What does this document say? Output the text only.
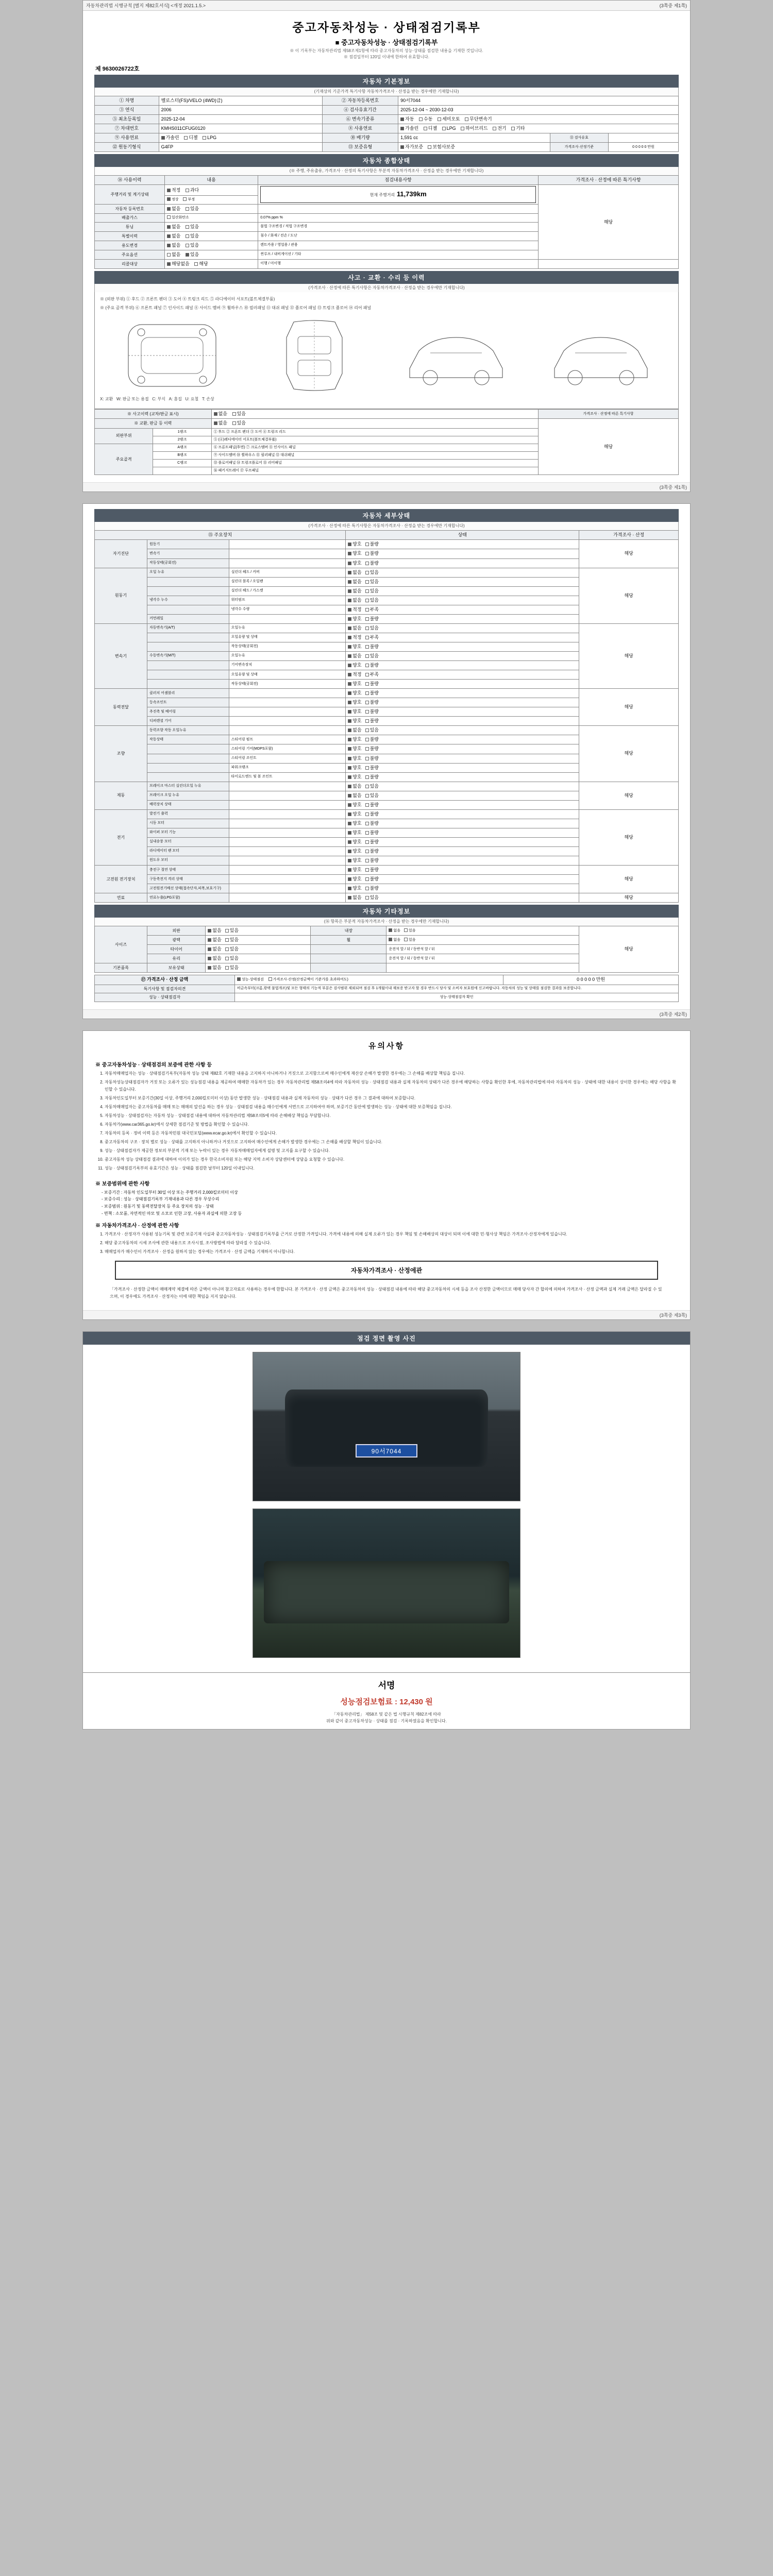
자동차관리법 시행규칙 [별지 제82호서식] <개정 2021.1.5.>	(3쪽중 제1쪽)
중고자동차성능 · 상태점검기록부
■ 중고자동차성능 · 상태점검기록부
※ 이 기록부는 자동차관리법 제58조제1항에 따라 중고자동차의 성능·상태를 점검한 내용을 기재한 것입니다.
※ 점검일부터 120일 이내에 한하여 유효합니다.
제 9630026722호
자동차 기본정보
(기재상의 기준가격 특기사항 자동차가격조사 · 산정을 받는 경우에만 기재합니다)
① 차명	벨로스터(FS)/VELO (4WD)급)	② 자동차등록번호	90서7044		
③ 연식	2006	④ 검사유효기간	2025-12-04 ~ 2030-12-03		
⑤ 최초등록일	2025-12-04	⑥ 변속기종류	자동 수동 세미오토 무단변속기		
⑦ 차대번호	KMHS011CFUG0120	⑧ 사용연료	가솔린 디젤 LPG 하이브리드 전기 기타		
⑨ 사용연료	가솔린 디젤 LPG	⑩ 배기량	1,591 cc	⑪ 검사유효	
⑫ 원동기형식	G4FP	⑬ 보증유형	자가보증 보험사보증	가격조사·산정기준	0 0 0 0 0 만원
자동차 종합상태
(※ 주행, 주유출유, 가격조사 · 산정의 특기사항은 부분적 자동차가격조사 · 산정을 받는 경우에만 기재합니다)
⑭ 사용이력	내용	점검내용사항	가격조사 · 산정에 따른 특기사항
주행거리 및 계기상태	적정 과다	현재 주행거리 11,739km	해당
	정상 부정		
자동차 등록번호	없음 있음		
배출가스	일산화탄소	0.07% ppm %	
튜닝	없음 있음	불법 구조변경 / 적법 구조변경	
특별이력	없음 있음	침수 / 화재 / 전손 / 도난	
용도변경	없음 있음	렌트카용 / 영업용 / 관용	
주요옵션	없음 있음	썬루프 / 내비게이션 / 기타	
리콜대상	해당없음 해당	이행 / 미이행	
사고 · 교환 · 수리 등 이력
(가격조사 · 산정에 따른 특기사항은 자동차가격조사 · 산정을 받는 경우에만 기재합니다)
※ (외판 부위) ① 후드 ② 프론트 펜더 ③ 도어 ④ 트렁크 리드 ⑤ 라디에이터 서포트(볼트체결부품)
※ (주요 골격 부위) ⑥ 프론트 패널 ⑦ 인사이드 패널 ⑧ 사이드 멤버 ⑨ 휠하우스 ⑩ 필러패널 ⑪ 대쉬 패널 ⑫ 플로어 패널 ⑬ 트렁크 플로어 ⑭ 리어 패널
X: 교환   W: 판금 또는 용접   C: 부식   A: 흠집   U: 요철   T: 손상
※ 사고이력 (교차/판금 표시)		없음 있음	가격조사 · 산정에 따른 특기사항
※ 교환, 판금 등 이력		없음 있음	해당
외판부위	1랭크	① 후드 ② 프론트 펜더 ③ 도어 ④ 트렁크 리드	
	2랭크	⑤ (④)레디에이터 서포트(볼트체결부품)	
주요골격	A랭크	⑥ 프론트패널(후면) ⑦ 크로스멤버 ⑧ 인사이드 패널	
	B랭크	⑨ 사이드멤버 ⑩ 휠하우스 ⑪ 필러패널 ⑫ 대쉬패널	
	C랭크	⑬ 플로어패널 ⑭ 트렁크플로어 ⑮ 리어패널	
		⑯ 패키지트레이 ⑰ 루프패널	
(3쪽중 제1쪽)
자동차 세부상태
(가격조사 · 산정에 따른 특기사항은 자동차가격조사 · 산정을 받는 경우에만 기재합니다)
⑮ 주요장치			상태	가격조사 · 산정
자기진단	원동기		양호 불량	해당
	변속기		양호 불량	
	작동상태(공회전)		양호 불량	
원동기	오일 누유	실린더 헤드 / 커버	없음 있음	해당
		실린더 블록 / 오일팬	없음 있음	
		실린더 헤드 / 가스켓	없음 있음	
	냉각수 누수	워터펌프	없음 있음	
		냉각수 수량	적정 부족	
	커먼레일		양호 불량	
변속기	자동변속기(A/T)	오일누유	없음 있음	해당
		오일유량 및 상태	적정 부족	
		작동상태(공회전)	양호 불량	
	수동변속기(M/T)	오일누유	없음 있음	
		기어변속장치	양호 불량	
		오일유량 및 상태	적정 부족	
		작동상태(공회전)	양호 불량	
동력전달	클러치 어셈블리		양호 불량	해당
	등속조인트		양호 불량	
	추진축 및 베어링		양호 불량	
	디퍼렌셜 기어		양호 불량	
조향	동력조향 작동 오일누유		없음 있음	해당
	작동상태	스티어링 펌프	양호 불량	
		스티어링 기어(MDPS포함)	양호 불량	
		스티어링 조인트	양호 불량	
		파워크랭크	양호 불량	
		타이로드엔드 및 볼 조인트	양호 불량	
제동	브레이크 마스터 실린더오일 누유		없음 있음	해당
	브레이크 오일 누유		없음 있음	
	배력장치 상태		양호 불량	
전기	발전기 출력		양호 불량	해당
	시동 모터		양호 불량	
	와이퍼 모터 기능		양호 불량	
	실내송풍 모터		양호 불량	
	라디에이터 팬 모터		양호 불량	
	윈도우 모터		양호 불량	
고전원 전기장치	충전구 절연 상태		양호 불량	해당
	구동축전지 격리 상태		양호 불량	
	고전원전기배선 상태(접속단자,피복,보호기구)		양호 불량	
연료	연료누출(LPG포함)		없음 있음	해당
자동차 기타정보
(⑯ 항목은 부분적 자동차가격조사 · 산정을 받는 경우에만 기재합니다)
사이즈	외판	없음 있음	내장	없음 있음	해당
	광택	없음 있음	휠	없음 있음	
	타이어	없음 있음		운전석 앞 / 뒤 / 동반석 앞 / 뒤	
	유리	없음 있음		운전석 앞 / 뒤 / 동반석 앞 / 뒤	
기본품목	보유상태	없음 있음			
⑰ 가격조사 · 산정 금액	성능·상태점검 가격조사·산정(산정금액이 기준가를 초과하여도)	0 0 0 0 0 만원
특기사항 및 점검자의견	비금속부터(크롬,광택 불법개조)및 모든 형태의 기능적 부분은 검사범위 제외되며 점검 후 1개월이내 재보증 받고자 할 경우 반드시 당사 및 소비자 보호원에 신고바랍니다. 자동차의 성능 및 상태를 점검한 결과를 보증합니다.	
성능 · 상태점검자	성능·상태점검자 확인	
(3쪽중 제2쪽)
유의사항
※ 중고자동차성능 · 상태점검의 보증에 관한 사항 등
1. 자동차매매업자는 성능 · 상태점검기록부(자동차 성능 상태 제82호 기재한 내용을 고지하지 아니하거나 거짓으로 고지함으로써 매수인에게 재산상 손해가 발생한 경우에는 그 손해를 배상할 책임을 집니다.
2. 자동차성능상태점검자가 거짓 또는 오류가 있는 성능점검 내용을 제공하여 매매한 자동차가 있는 경우 자동차관리법 제58조의4에 따라 자동차의 성능 · 상태점검 내용과 실제 자동차의 상태가 다른 경우에 해당하는 사항을 확인한 후에, 자동차관리법에 따라 자동차의 성능 · 상태에 대한 내용이 상이한 경우에는 해당 사항을 확인할 수 있습니다.
3. 자동차인도일부터 보증기간(30일 이상, 주행거리 2,000킬로미터 이상) 동안 발생한 성능 · 상태점검 내용과 실제 자동차의 성능 · 상태가 다른 경우 그 결과에 대하여 보증합니다.
4. 자동차매매업자는 중고자동차를 매매 또는 매매의 알선을 하는 경우 성능 · 상태점검 내용을 매수인에게 서면으로 고지하여야 하며, 보증기간 동안에 발생하는 성능 · 상태에 대한 보증책임을 집니다.
5. 자동차성능 · 상태점검자는 자동차 성능 · 상태점검 내용에 대하여 자동차관리법 제58조의5에 따라 손해배상 책임을 부담합니다.
6. 자동차가(www.car365.go.kr)에서 상세한 점검기준 및 방법을 확인할 수 있습니다.
7. 자동차의 등록 · 정비 이력 등은 자동차민원 대국민포털(www.ecar.go.kr)에서 확인할 수 있습니다.
8. 중고자동차의 구조 · 장치 별로 성능 · 상태를 고지하지 아니하거나 거짓으로 고지하여 매수인에게 손해가 발생한 경우에는 그 손해를 배상할 책임이 있습니다.
9. 성능 · 상태점검자가 제공한 정보의 부분적 기재 또는 누락이 있는 경우 자동차매매업자에게 설명 및 고지를 요구할 수 있습니다.
10. 중고자동차 성능 상태점검 결과에 대하여 이의가 있는 경우 한국소비자원 또는 해당 지역 소비자 상담센터에 상담을 요청할 수 있습니다.
11. 성능 · 상태점검기록부의 유효기간은 성능 · 상태를 점검한 날부터 120일 이내입니다.
※ 보증범위에 관한 사항
- 보증기간 : 자동차 인도일부터 30일 이상 또는 주행거리 2,000킬로미터 이상
- 보증수리 : 성능 · 상태점검기록부 기재내용과 다른 경우 무상수리
- 보증범위 : 원동기 및 동력전달장치 등 주요 장치의 성능 · 상태
- 면책 : 소모품, 자연적인 마모 및 소모로 인한 고장, 사용자 과실에 의한 고장 등
※ 자동차가격조사 · 산정에 관한 사항
1. 가격조사 · 산정자가 사용된 성능기록 및 관련 보증기재 사실과 중고자동차성능 · 상태점검기록부를 근거로 산정한 가격입니다. 가격에 내용에 의해 실제 오류가 있는 경우 책임 및 손해배상의 대상이 되며 이에 대한 민·형사상 책임은 가격조사·산정자에게 있습니다.
2. 해당 중고자동차의 시세 조사에 관한 내용으로 조사시점, 조사방법에 따라 달라질 수 있습니다.
3. 매매업자가 매수인이 가격조사 · 산정을 원하지 않는 경우에는 가격조사 · 산정 금액을 기재하지 아니합니다.
자동차가격조사 · 산정에관
「가격조사 · 산정한 금액이 매매계약 체결에 따른 금액이 아니며 참고자료로 사용하는 경우에 한합니다. 본 가격조사 · 산정 금액은 중고자동차의 성능 · 상태점검 내용에 따라 해당 중고자동차의 시세 등을 조사 산정한 금액이므로 매매 당사자 간 합의에 의하여 가격조사 · 산정 금액과 실제 거래 금액은 달라질 수 있으며, 이 경우에도 가격조사 · 산정자는 이에 대한 책임을 지지 않습니다.
(3쪽중 제3쪽)
점검 정면 촬영 사진
90서7044
서명
성능점검보험료 : 12,430 원
「자동차관리법」 제58조 및 같은 법 시행규칙 제82조에 따라
위와 같이 중고자동차성능 · 상태를 점검 · 기록하였음을 확인합니다.
